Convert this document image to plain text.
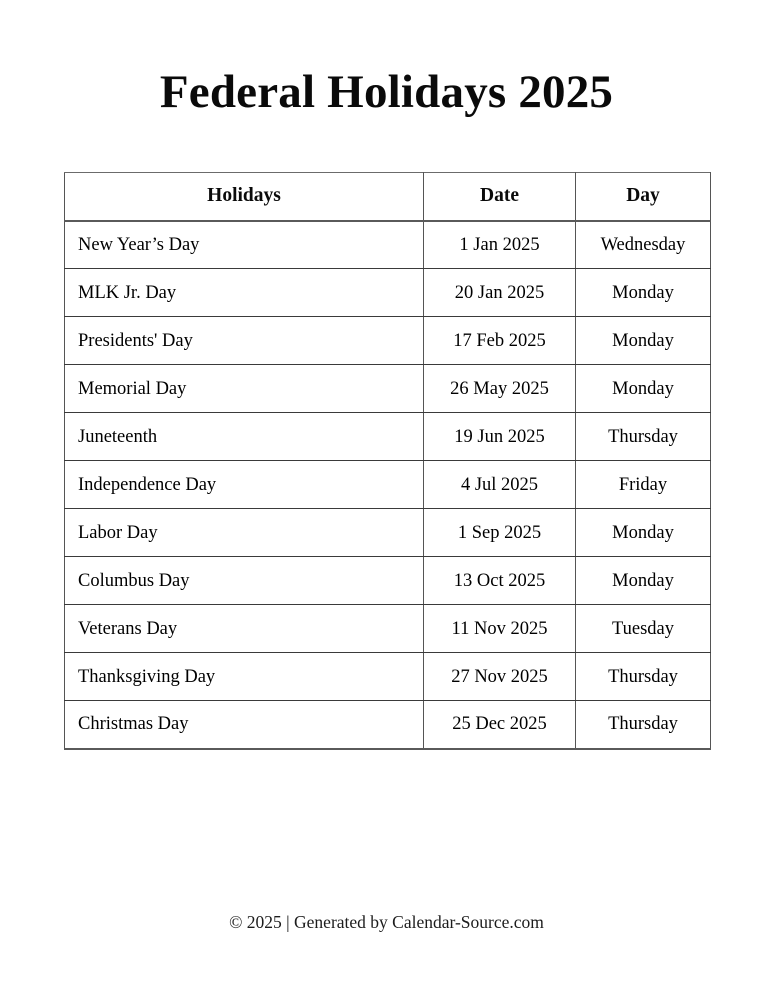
Federal Holidays 2025
Holidays	Date	Day
New Year’s Day	1 Jan 2025	Wednesday
MLK Jr. Day	20 Jan 2025	Monday
Presidents' Day	17 Feb 2025	Monday
Memorial Day	26 May 2025	Monday
Juneteenth	19 Jun 2025	Thursday
Independence Day	4 Jul 2025	Friday
Labor Day	1 Sep 2025	Monday
Columbus Day	13 Oct 2025	Monday
Veterans Day	11 Nov 2025	Tuesday
Thanksgiving Day	27 Nov 2025	Thursday
Christmas Day	25 Dec 2025	Thursday
© 2025 | Generated by Calendar-Source.com
